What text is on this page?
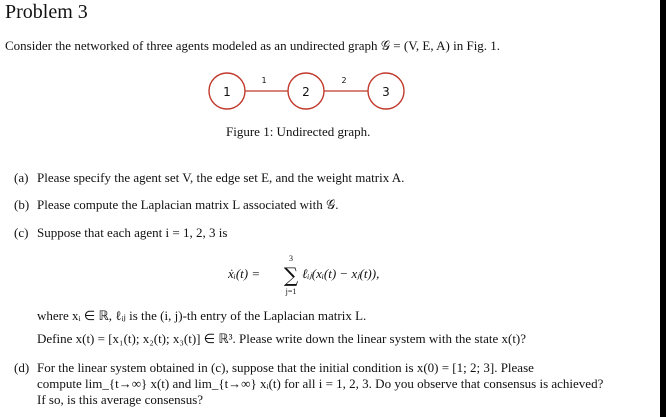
Problem 3
Consider the networked of three agents modeled as an undirected graph 𝒢 = (V, E, A) in Fig. 1.
1	2	3
1	2
Figure 1: Undirected graph.
(a) Please specify the agent set V, the edge set E, and the weight matrix A.
(b) Please compute the Laplacian matrix L associated with 𝒢.
(c) Suppose that each agent i = 1, 2, 3 is
ẋᵢ(t) =
3
∑
j=1
ℓᵢⱼ(xᵢ(t) − xⱼ(t)),
where xᵢ ∈ ℝ, ℓᵢⱼ is the (i, j)-th entry of the Laplacian matrix L.
Define x(t) = [x₁(t); x₂(t); x₃(t)] ∈ ℝ³. Please write down the linear system with the state x(t)?
(d) For the linear system obtained in (c), suppose that the initial condition is x(0) = [1; 2; 3]. Please
compute lim_{t→∞} x(t) and lim_{t→∞} xᵢ(t) for all i = 1, 2, 3. Do you observe that consensus is achieved?
If so, is this average consensus?
